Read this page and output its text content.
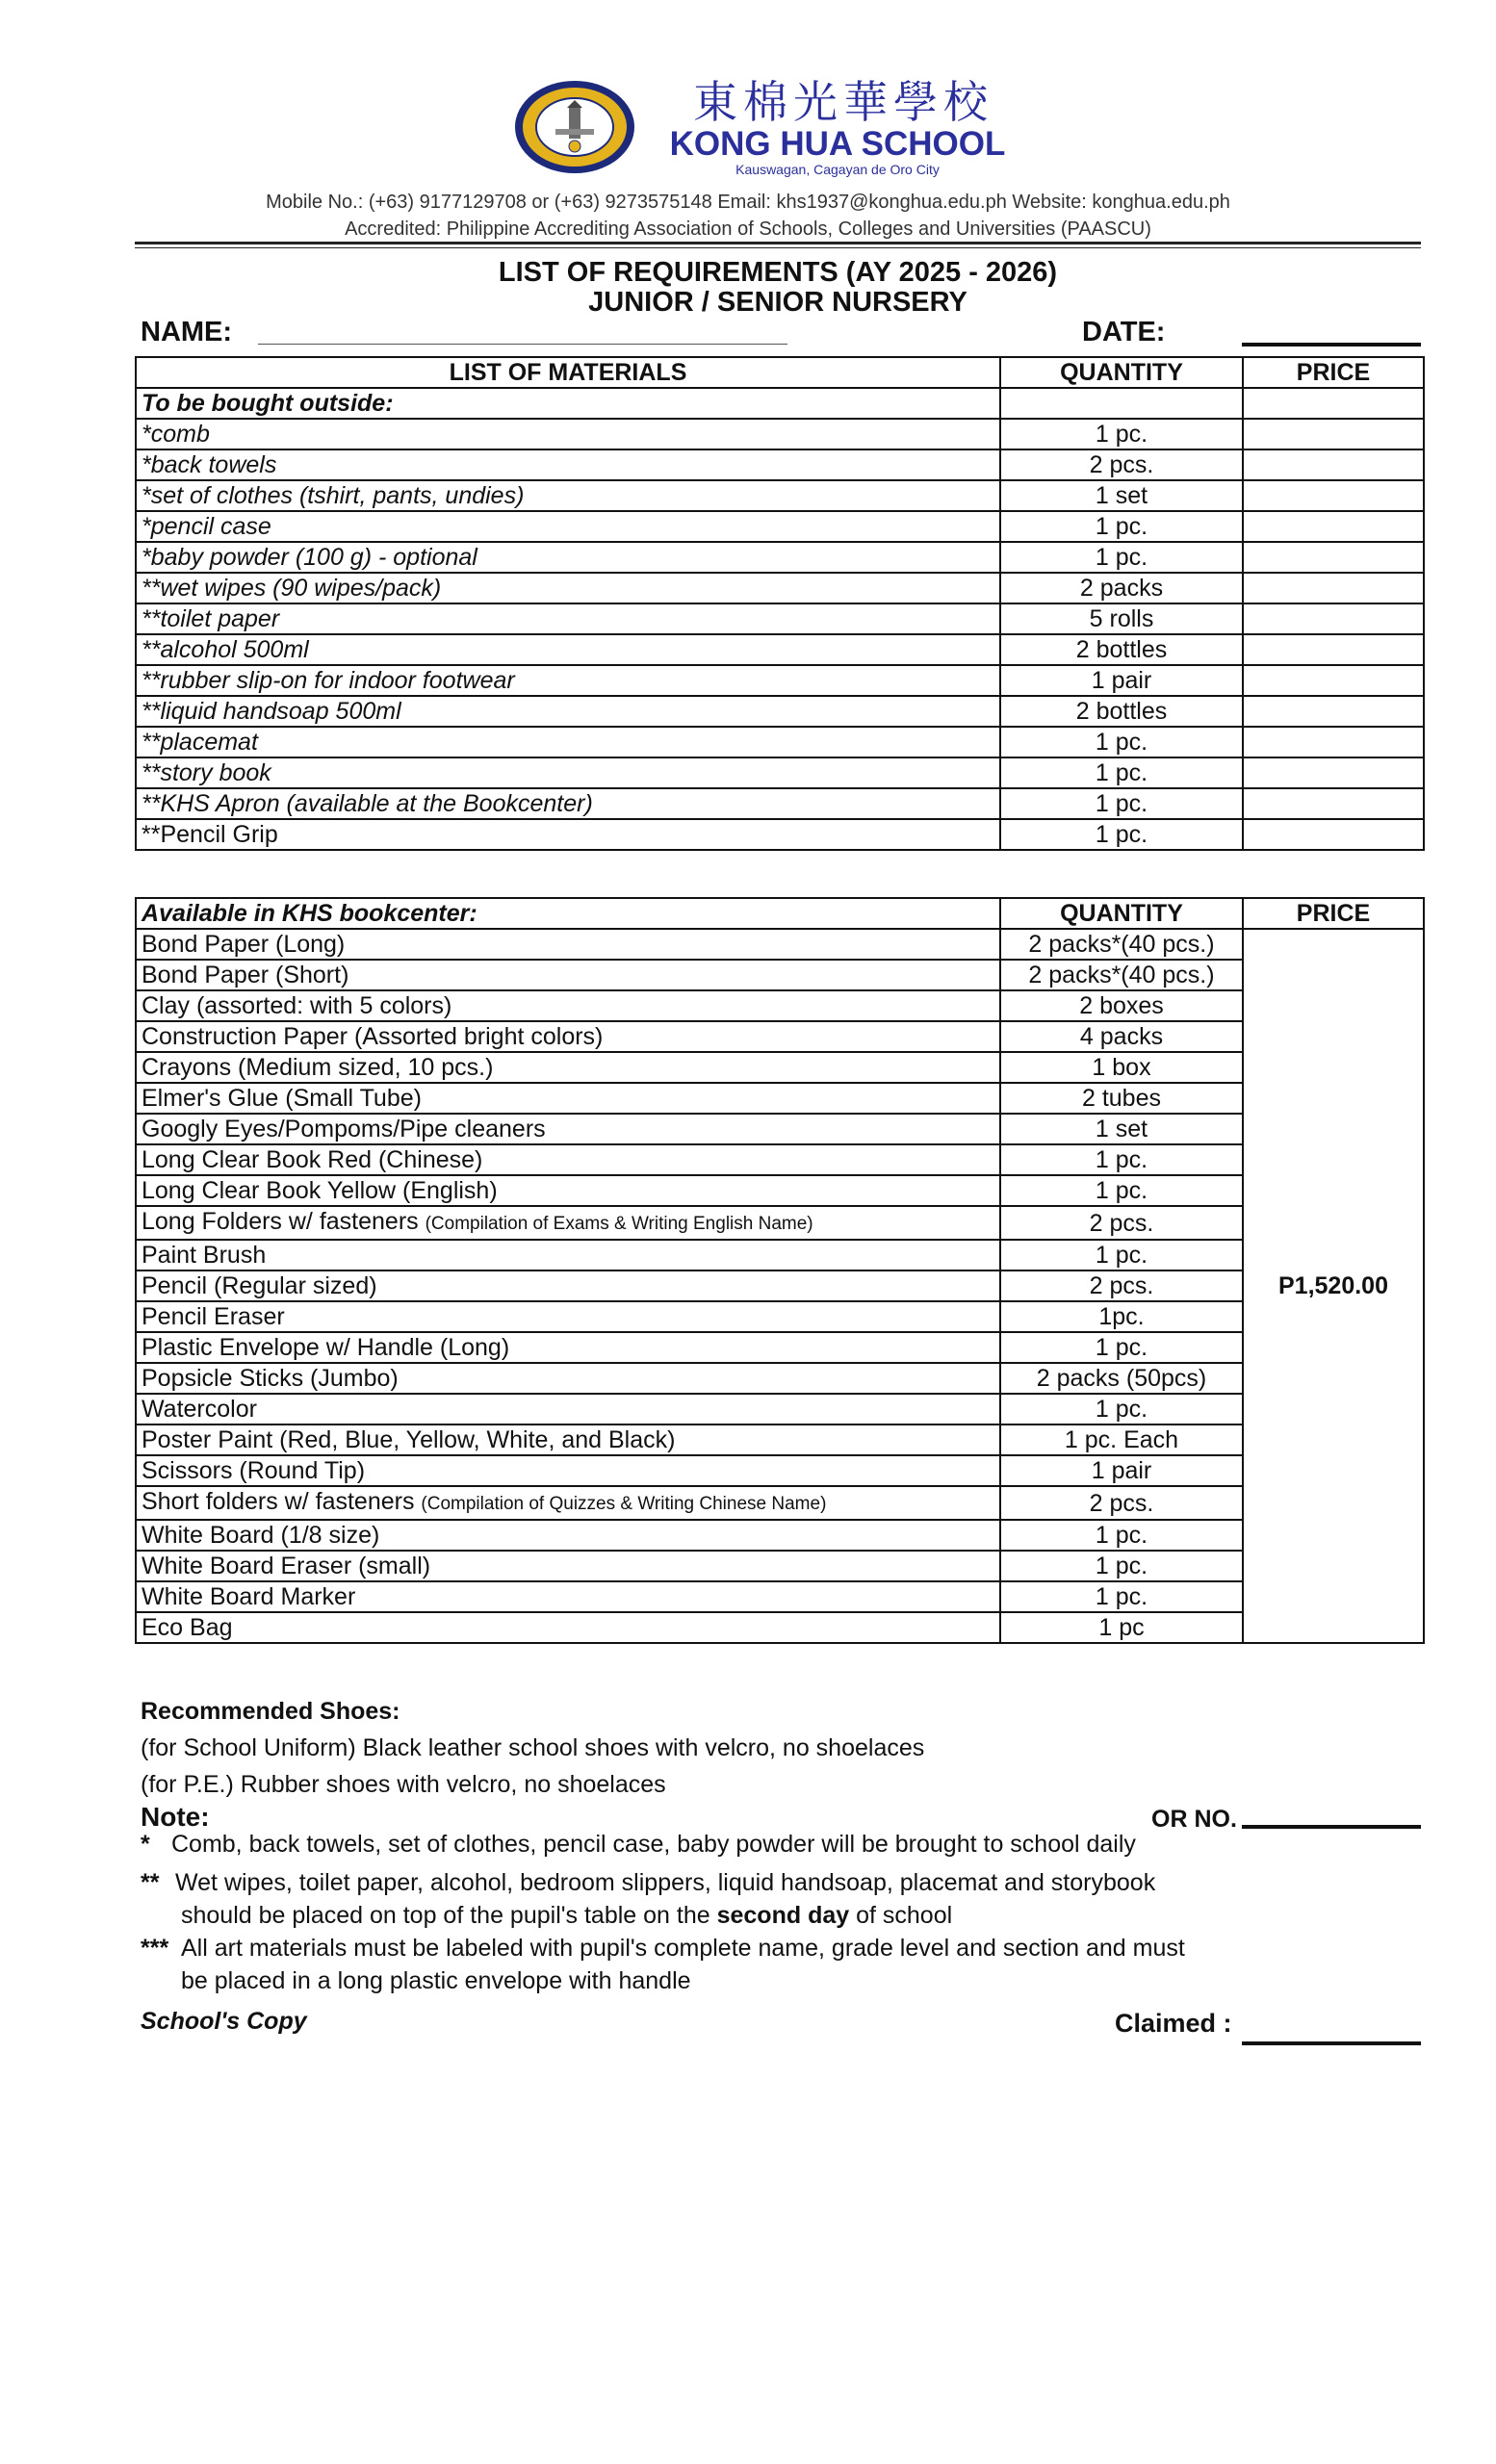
東棉光華學校
KONG HUA SCHOOL
Kauswagan, Cagayan de Oro City
Mobile No.: (+63) 9177129708 or (+63) 9273575148 Email: khs1937@konghua.edu.ph Website: konghua.edu.ph
Accredited: Philippine Accrediting Association of Schools, Colleges and Universities (PAASCU)
LIST OF REQUIREMENTS (AY 2025 - 2026)
JUNIOR / SENIOR NURSERY
NAME:	DATE:
LIST OF MATERIALS	QUANTITY	PRICE
To be bought outside:		
*comb	1 pc.	
*back towels	2 pcs.	
*set of clothes (tshirt, pants, undies)	1 set	
*pencil case	1 pc.	
*baby powder (100 g) - optional	1 pc.	
**wet wipes (90 wipes/pack)	2 packs	
**toilet paper	5 rolls	
**alcohol 500ml	2 bottles	
**rubber slip-on for indoor footwear	1 pair	
**liquid handsoap 500ml	2 bottles	
**placemat	1 pc.	
**story book	1 pc.	
**KHS Apron (available at the Bookcenter)	1 pc.	
**Pencil Grip	1 pc.	
Available in KHS bookcenter:	QUANTITY	PRICE
Bond Paper (Long)	2 packs*(40 pcs.)	P1,520.00
Bond Paper (Short)	2 packs*(40 pcs.)	
Clay (assorted: with 5 colors)	2 boxes	
Construction Paper (Assorted bright colors)	4 packs	
Crayons (Medium sized, 10 pcs.)	1 box	
Elmer's Glue (Small Tube)	2 tubes	
Googly Eyes/Pompoms/Pipe cleaners	1 set	
Long Clear Book Red (Chinese)	1 pc.	
Long Clear Book Yellow (English)	1 pc.	
Long Folders w/ fasteners (Compilation of Exams & Writing English Name)	2 pcs.	
Paint Brush	1 pc.	
Pencil (Regular sized)	2 pcs.	
Pencil Eraser	1pc.	
Plastic Envelope w/ Handle (Long)	1 pc.	
Popsicle Sticks (Jumbo)	2 packs (50pcs)	
Watercolor	1 pc.	
Poster Paint (Red, Blue, Yellow, White, and Black)	1 pc. Each	
Scissors (Round Tip)	1 pair	
Short folders w/ fasteners (Compilation of Quizzes & Writing Chinese Name)	2 pcs.	
White Board (1/8 size)	1 pc.	
White Board Eraser (small)	1 pc.	
White Board Marker	1 pc.	
Eco Bag	1 pc	
Recommended Shoes:
(for School Uniform) Black leather school shoes with velcro, no shoelaces
(for P.E.) Rubber shoes with velcro, no shoelaces
Note:	OR NO.
* Comb, back towels, set of clothes, pencil case, baby powder will be brought to school daily
** Wet wipes, toilet paper, alcohol, bedroom slippers, liquid handsoap, placemat and storybook
should be placed on top of the pupil's table on the second day of school
*** All art materials must be labeled with pupil's complete name, grade level and section and must
be placed in a long plastic envelope with handle
School's Copy	Claimed :
